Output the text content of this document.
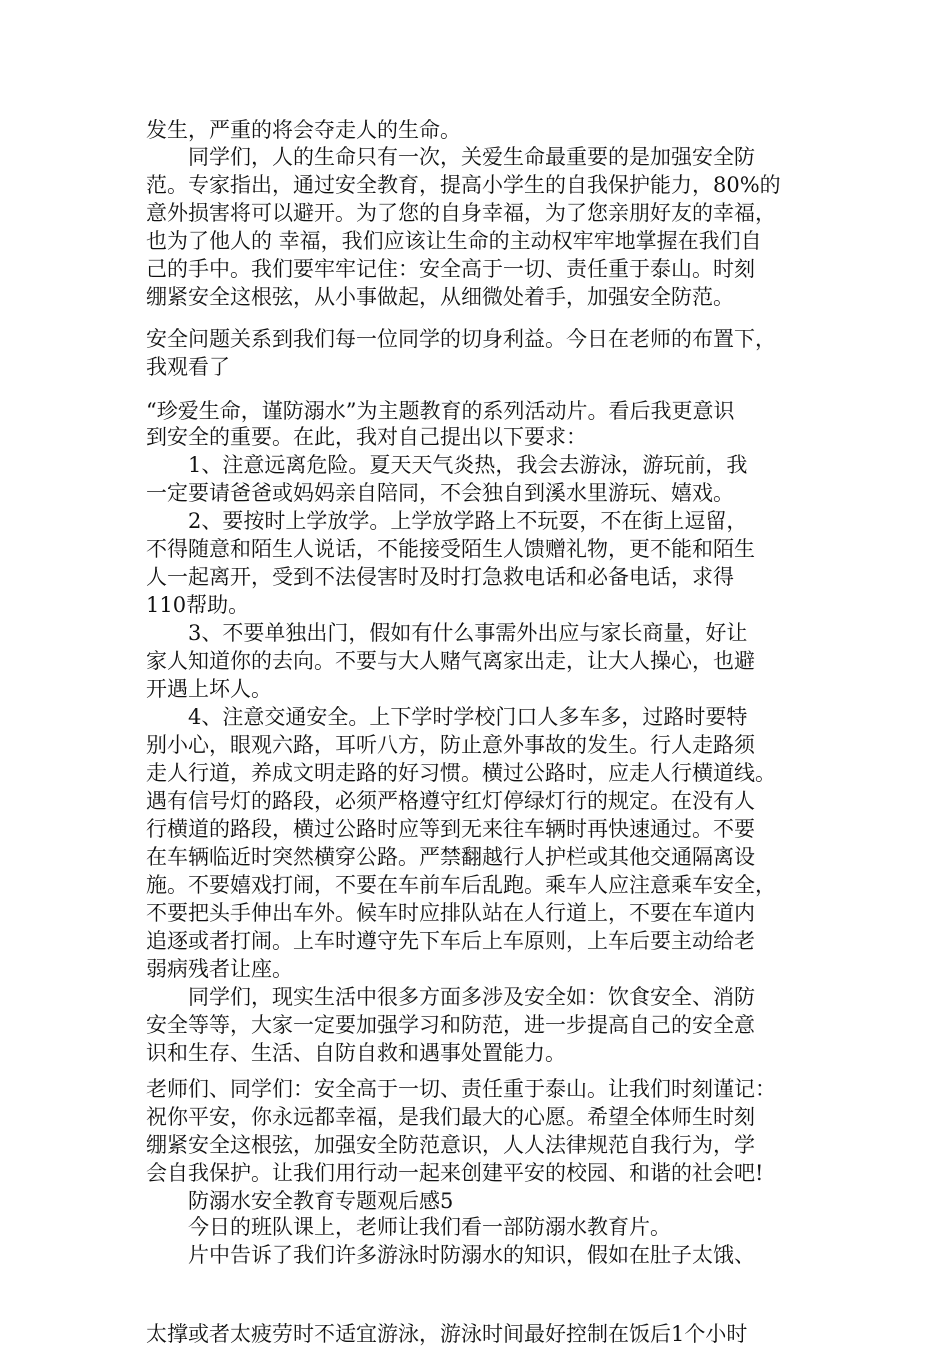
发生，严重的将会夺走人的生命。
　　同学们，人的生命只有一次，关爱生命最重要的是加强安全防
范。专家指出，通过安全教育，提高小学生的自我保护能力，80%的
意外损害将可以避开。为了您的自身幸福，为了您亲朋好友的幸福，
也为了他人的 幸福，我们应该让生命的主动权牢牢地掌握在我们自
己的手中。我们要牢牢记住：安全高于一切、责任重于泰山。时刻
绷紧安全这根弦，从小事做起，从细微处着手，加强安全防范。
安全问题关系到我们每一位同学的切身利益。今日在老师的布置下，
我观看了
“珍爱生命，谨防溺水”为主题教育的系列活动片。看后我更意识
到安全的重要。在此，我对自己提出以下要求：
　　1、注意远离危险。夏天天气炎热，我会去游泳，游玩前，我
一定要请爸爸或妈妈亲自陪同，不会独自到溪水里游玩、嬉戏。
　　2、要按时上学放学。上学放学路上不玩耍，不在街上逗留，
不得随意和陌生人说话，不能接受陌生人馈赠礼物，更不能和陌生
人一起离开，受到不法侵害时及时打急救电话和必备电话，求得
110帮助。
　　3、不要单独出门，假如有什么事需外出应与家长商量，好让
家人知道你的去向。不要与大人赌气离家出走，让大人操心，也避
开遇上坏人。
　　4、注意交通安全。上下学时学校门口人多车多，过路时要特
别小心，眼观六路，耳听八方，防止意外事故的发生。行人走路须
走人行道，养成文明走路的好习惯。横过公路时，应走人行横道线。
遇有信号灯的路段，必须严格遵守红灯停绿灯行的规定。在没有人
行横道的路段，横过公路时应等到无来往车辆时再快速通过。不要
在车辆临近时突然横穿公路。严禁翻越行人护栏或其他交通隔离设
施。不要嬉戏打闹，不要在车前车后乱跑。乘车人应注意乘车安全，
不要把头手伸出车外。候车时应排队站在人行道上，不要在车道内
追逐或者打闹。上车时遵守先下车后上车原则，上车后要主动给老
弱病残者让座。
　　同学们，现实生活中很多方面多涉及安全如：饮食安全、消防
安全等等，大家一定要加强学习和防范，进一步提高自己的安全意
识和生存、生活、自防自救和遇事处置能力。
老师们、同学们：安全高于一切、责任重于泰山。让我们时刻谨记：
祝你平安，你永远都幸福，是我们最大的心愿。希望全体师生时刻
绷紧安全这根弦，加强安全防范意识，人人法律规范自我行为，学
会自我保护。让我们用行动一起来创建平安的校园、和谐的社会吧!
　　防溺水安全教育专题观后感5
　　今日的班队课上，老师让我们看一部防溺水教育片。
　　片中告诉了我们许多游泳时防溺水的知识，假如在肚子太饿、
太撑或者太疲劳时不适宜游泳，游泳时间最好控制在饭后1个小时
